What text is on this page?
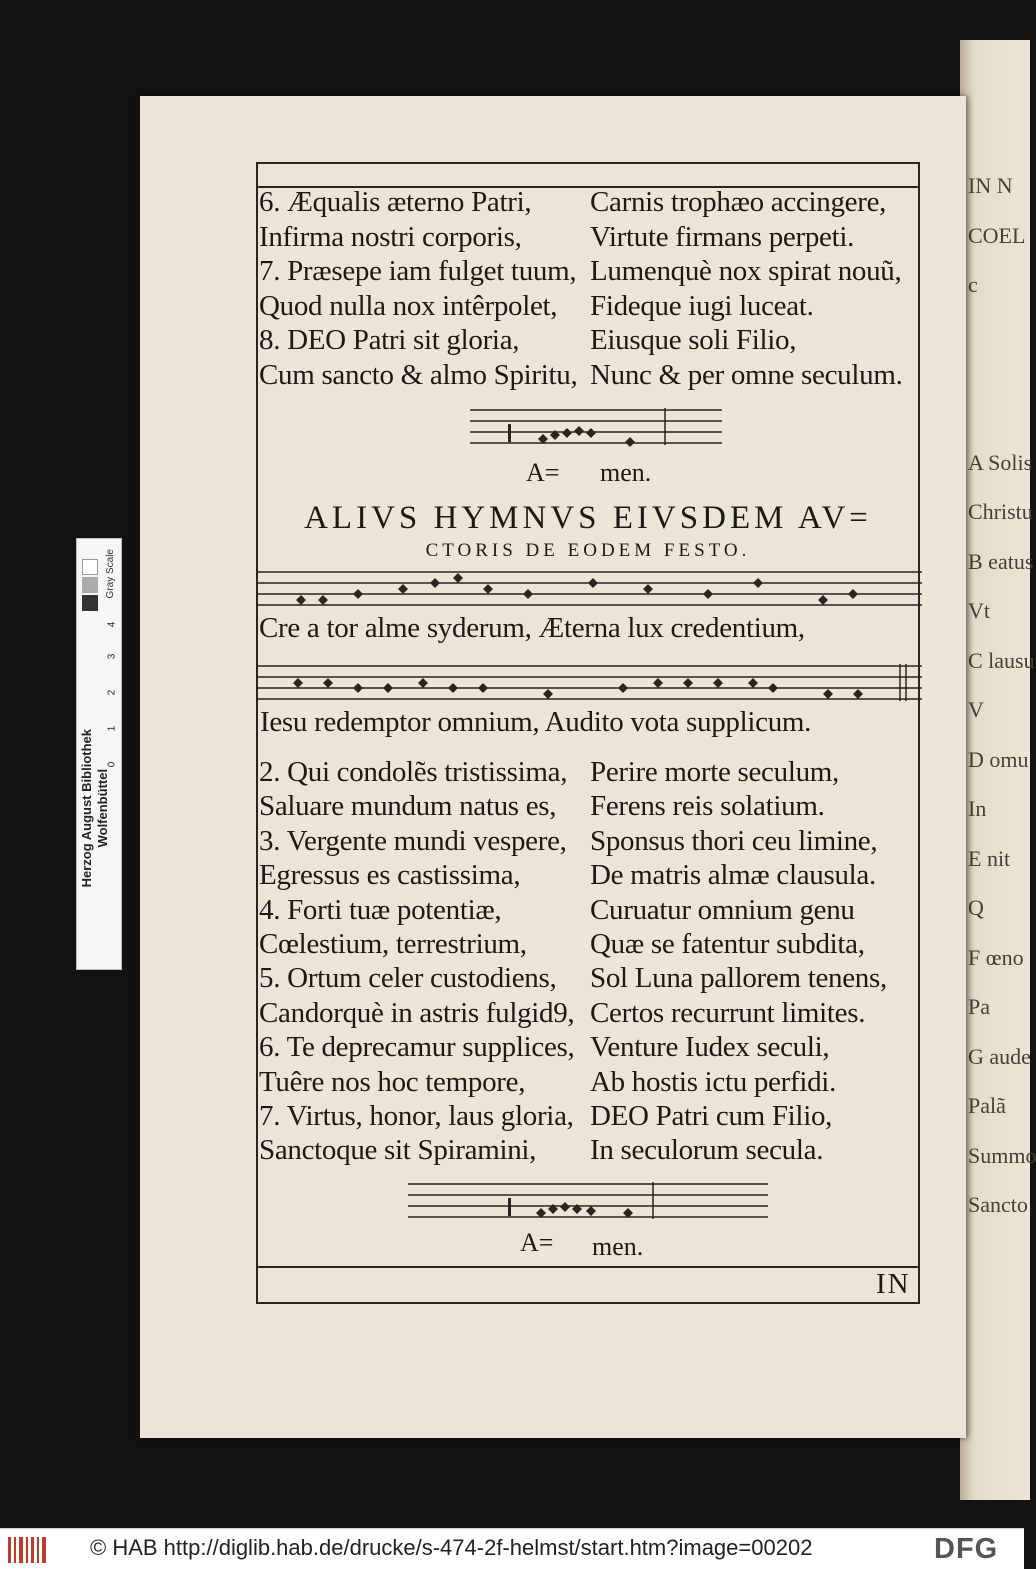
IN N
COEL
c
A Solis
Christu
B eatus
Vt
C lausu
V
D omu
In
E nit
Q
F œno
Pa
G aude
Palã
Summo
Sancto
6. Æqualis æterno Patri, Carnis trophæo accingere,
Infirma nostri corporis, Virtute firmans perpeti.
7. Præsepe iam fulget tuum, Lumenquè nox spirat nouũ,
Quod nulla nox intêrpolet, Fideque iugi luceat.
8. DEO Patri sit gloria, Eiusque soli Filio,
Cum sancto & almo Spiritu, Nunc & per omne seculum.
A= men.
ALIVS HYMNVS EIVSDEM AV=
CTORIS DE EODEM FESTO.
Cre a tor alme syderum, Æterna lux credentium,
Iesu redemptor omnium, Audito vota supplicum.
2. Qui condolẽs tristissima, Perire morte seculum,
Saluare mundum natus es, Ferens reis solatium.
3. Vergente mundi vespere, Sponsus thori ceu limine,
Egressus es castissima, De matris almæ clausula.
4. Forti tuæ potentiæ,	Curuatur omnium genu
Cœlestium, terrestrium, Quæ se fatentur subdita,
5. Ortum celer custodiens, Sol Luna pallorem tenens,
Candorquè in astris fulgid9, Certos recurrunt limites.
6. Te deprecamur supplices, Venture Iudex seculi,
Tuêre nos hoc tempore, Ab hostis ictu perfidi.
7. Virtus, honor, laus gloria, DEO Patri cum Filio,
Sanctoque sit Spiramini, In seculorum secula.
A= men.
IN
Gray Scale
4
3
2
1
0
Herzog August Bibliothek
Wolfenbüttel
© HAB http://diglib.hab.de/drucke/s-474-2f-helmst/start.htm?image=00202	DFG
